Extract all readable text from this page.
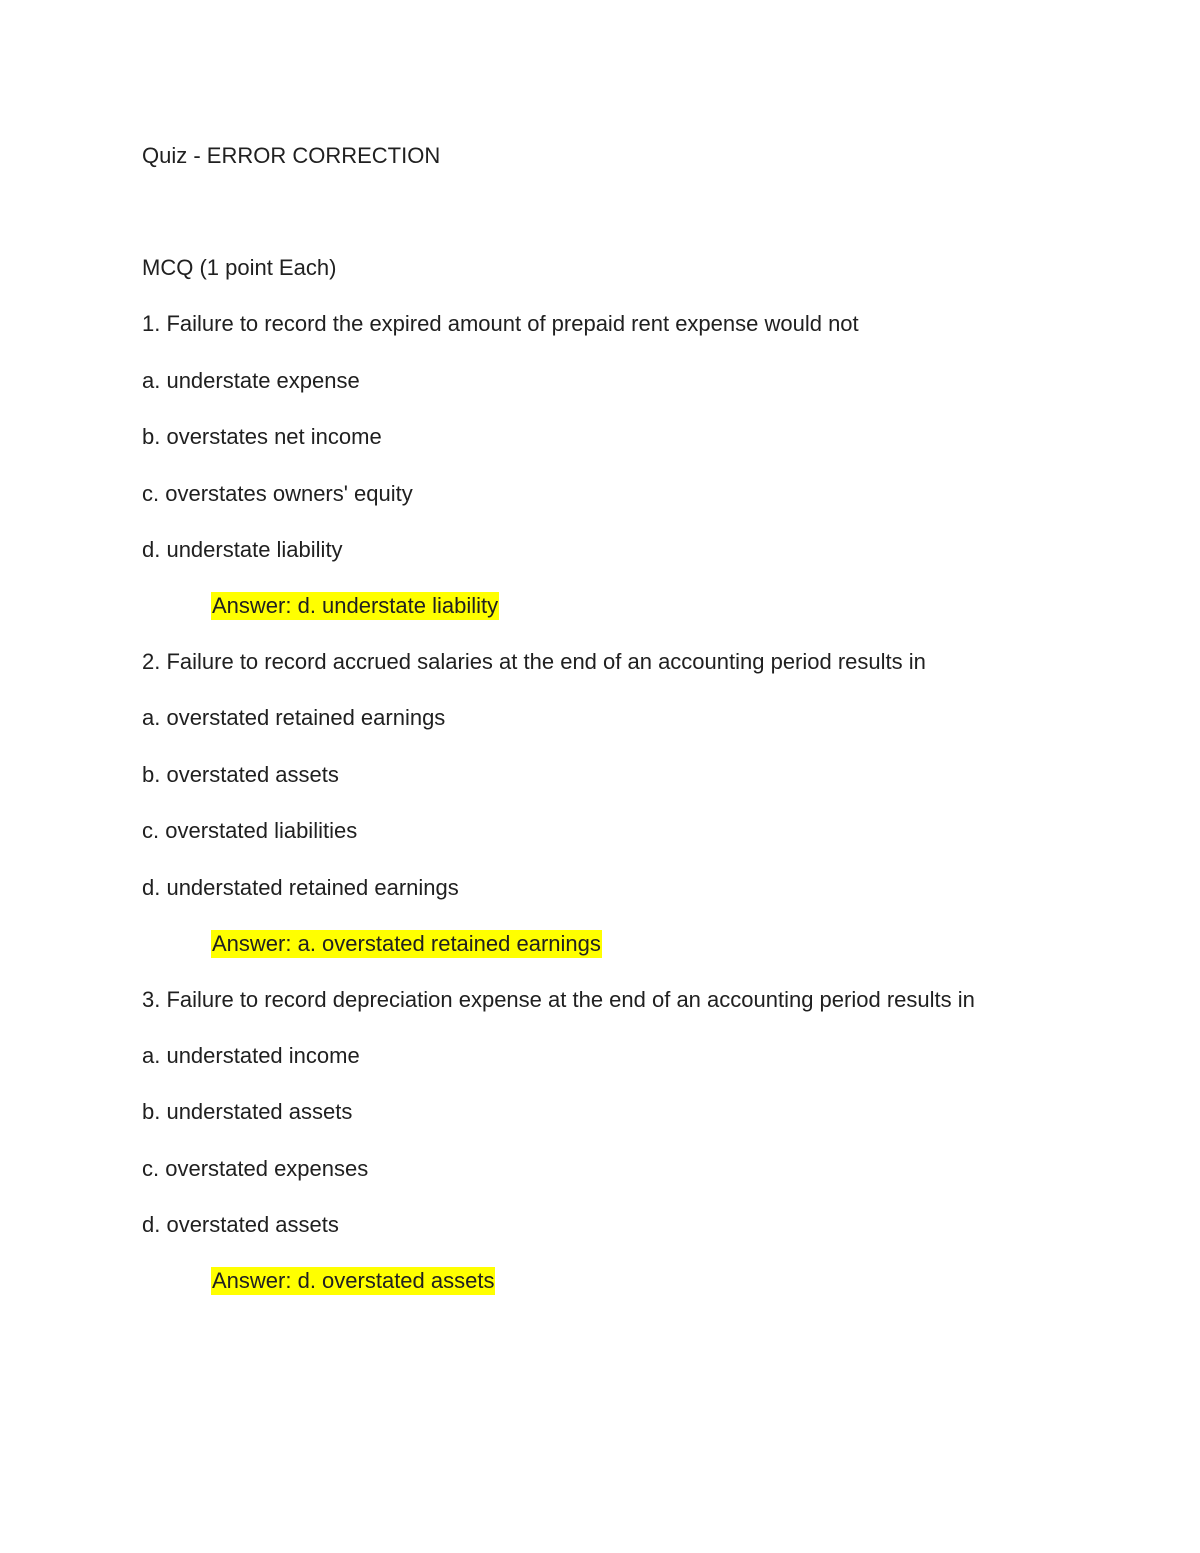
Quiz - ERROR CORRECTION
MCQ (1 point Each)
1. Failure to record the expired amount of prepaid rent expense would not
a. understate expense
b. overstates net income
c. overstates owners' equity
d. understate liability
Answer: d. understate liability
2. Failure to record accrued salaries at the end of an accounting period results in
a. overstated retained earnings
b. overstated assets
c. overstated liabilities
d. understated retained earnings
Answer: a. overstated retained earnings
3. Failure to record depreciation expense at the end of an accounting period results in
a. understated income
b. understated assets
c. overstated expenses
d. overstated assets
Answer: d. overstated assets
